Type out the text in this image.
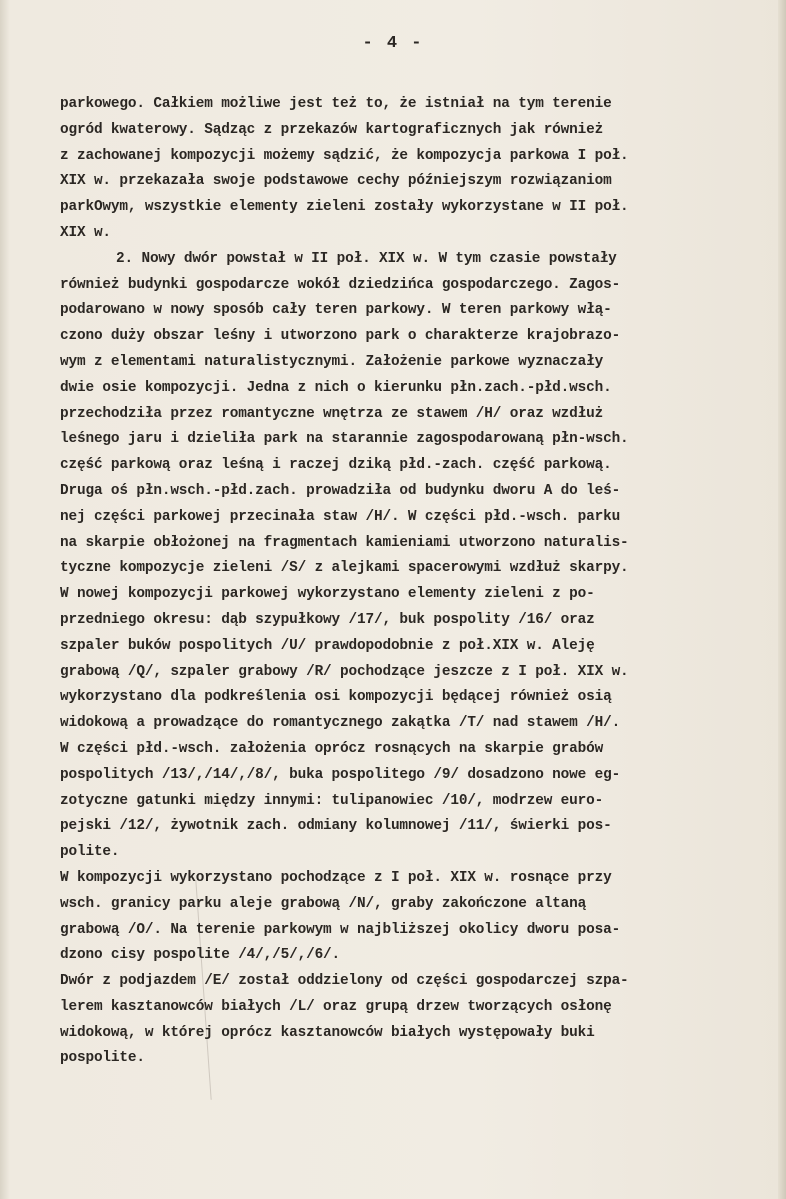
- 4 -
parkowego. Całkiem możliwe jest też to, że istniał na tym terenie
ogród kwaterowy. Sądząc z przekazów kartograficznych jak również
z zachowanej kompozycji możemy sądzić, że kompozycja parkowa I poł.
XIX w. przekazała swoje podstawowe cechy późniejszym rozwiązaniom
parkOwym, wszystkie elementy zieleni zostały wykorzystane w II poł.
XIX w.
2. Nowy dwór powstał w II poł. XIX w. W tym czasie powstały
również budynki gospodarcze wokół dziedzińca gospodarczego. Zagos-
podarowano w nowy sposób cały teren parkowy. W teren parkowy włą-
czono duży obszar leśny i utworzono park o charakterze krajobrazo-
wym z elementami naturalistycznymi. Założenie parkowe wyznaczały
dwie osie kompozycji. Jedna z nich o kierunku płn.zach.-płd.wsch.
przechodziła przez romantyczne wnętrza ze stawem /H/ oraz wzdłuż
leśnego jaru i dzieliła park na starannie zagospodarowaną płn-wsch.
część parkową oraz leśną i raczej dziką płd.-zach. część parkową.
Druga oś płn.wsch.-płd.zach. prowadziła od budynku dworu A do leś-
nej części parkowej przecinała staw /H/. W części płd.-wsch. parku
na skarpie obłożonej na fragmentach kamieniami utworzono naturalis-
tyczne kompozycje zieleni /S/ z alejkami spacerowymi wzdłuż skarpy.
W nowej kompozycji parkowej wykorzystano elementy zieleni z po-
przedniego okresu: dąb szypułkowy /17/, buk pospolity /16/ oraz
szpaler buków pospolitych /U/ prawdopodobnie z poł.XIX w. Aleję
grabową /Q/, szpaler grabowy /R/ pochodzące jeszcze z I poł. XIX w.
wykorzystano dla podkreślenia osi kompozycji będącej również osią
widokową a prowadzące do romantycznego zakątka /T/ nad stawem /H/.
W części płd.-wsch. założenia oprócz rosnących na skarpie grabów
pospolitych /13/,/14/,/8/, buka pospolitego /9/ dosadzono nowe eg-
zotyczne gatunki między innymi: tulipanowiec /10/, modrzew euro-
pejski /12/, żywotnik zach. odmiany kolumnowej /11/, świerki pos-
polite.
W kompozycji wykorzystano pochodzące z I poł. XIX w. rosnące przy
wsch. granicy parku aleje grabową /N/, graby zakończone altaną
grabową /O/. Na terenie parkowym w najbliższej okolicy dworu posa-
dzono cisy pospolite /4/,/5/,/6/.
Dwór z podjazdem /E/ został oddzielony od części gospodarczej szpa-
lerem kasztanowców białych /L/ oraz grupą drzew tworzących osłonę
widokową, w której oprócz kasztanowców białych występowały buki
pospolite.
